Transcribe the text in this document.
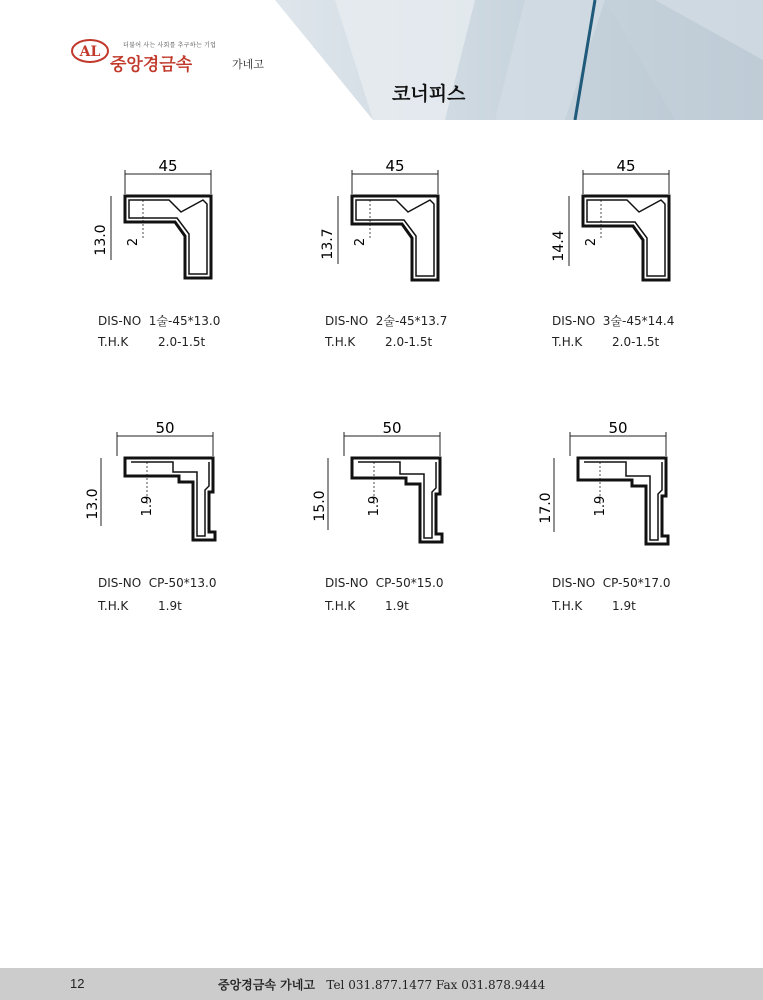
AL	더불어 사는 사회를 추구하는 기업
중앙경금속	가네고
코너피스
45
13.0 2
DIS-NO 1술-45*13.0
T.H.K 2.0-1.5t
45
13.7 2
DIS-NO 2술-45*13.7
T.H.K 2.0-1.5t
45
14.4 2
DIS-NO 3술-45*14.4
T.H.K 2.0-1.5t
50
13.0	1.9
DIS-NO CP-50*13.0
T.H.K 1.9t
50
15.0	1.9
DIS-NO CP-50*15.0
T.H.K 1.9t
50
17.0	1.9
DIS-NO CP-50*17.0
T.H.K 1.9t
12	중앙경금속 가네고 Tel 031.877.1477 Fax 031.878.9444
